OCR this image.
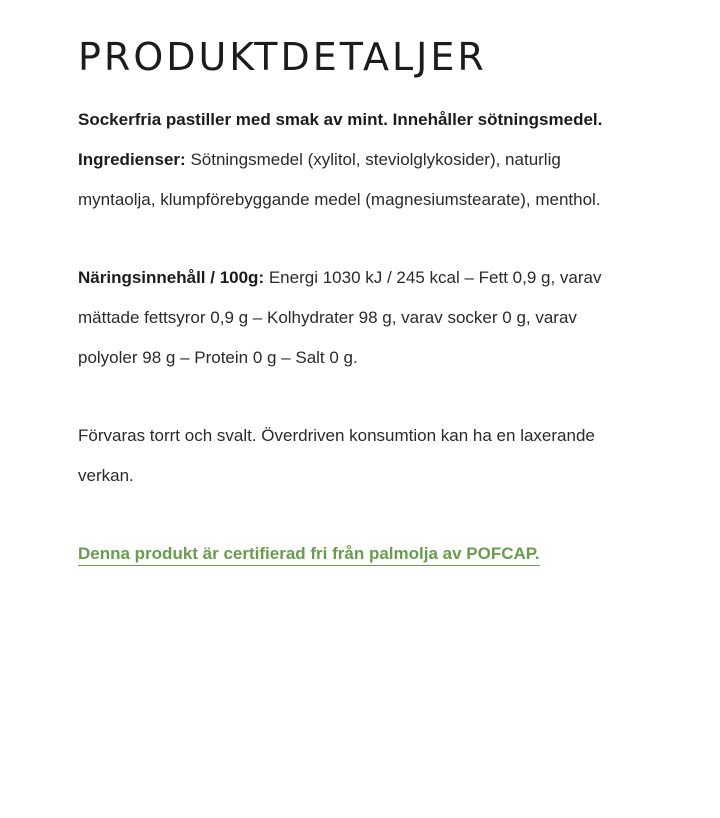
PRODUKTDETALJER

Sockerfria pastiller med smak av mint. Innehåller sötningsmedel. Ingredienser: Sötningsmedel (xylitol, steviolglykosider), naturlig myntaolja, klumpförebyggande medel (magnesiumstearate), menthol.

Näringsinnehåll / 100g: Energi 1030 kJ / 245 kcal – Fett 0,9 g, varav mättade fettsyror 0,9 g – Kolhydrater 98 g, varav socker 0 g, varav polyoler 98 g – Protein 0 g – Salt 0 g.

Förvaras torrt och svalt. Överdriven konsumtion kan ha en laxerande verkan.

Denna produkt är certifierad fri från palmolja av POFCAP.
